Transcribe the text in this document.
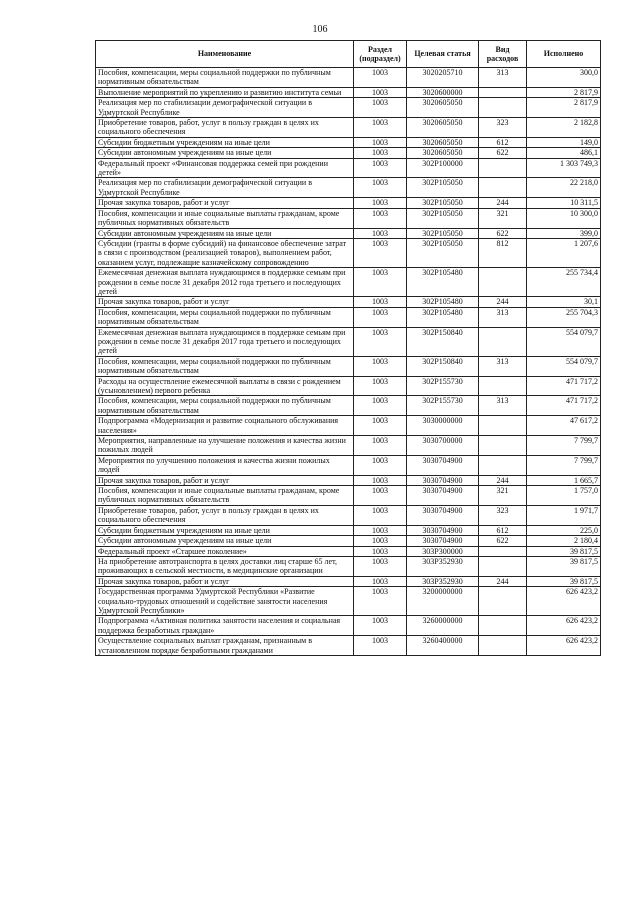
106
Наименование	Раздел (подраздел)	Целевая статья	Вид расходов	Исполнено
Пособия, компенсации, меры социальной поддержки по публичным нормативным обязательствам	1003	3020205710	313	300,0
Выполнение мероприятий по укреплению и развитию института семьи	1003	3020600000		2 817,9
Реализация мер по стабилизации демографической ситуации в Удмуртской Республике	1003	3020605050		2 817,9
Приобретение товаров, работ, услуг в пользу граждан в целях их социального обеспечения	1003	3020605050	323	2 182,8
Субсидии бюджетным учреждениям на иные цели	1003	3020605050	612	149,0
Субсидии автономным учреждениям на иные цели	1003	3020605050	622	486,1
Федеральный проект «Финансовая поддержка семей при рождении детей»	1003	302P100000		1 303 749,3
Реализация мер по стабилизации демографической ситуации в Удмуртской Республике	1003	302P105050		22 218,0
Прочая закупка товаров, работ и услуг	1003	302P105050	244	10 311,5
Пособия, компенсации и иные социальные выплаты гражданам, кроме публичных нормативных обязательств	1003	302P105050	321	10 300,0
Субсидии автономным учреждениям на иные цели	1003	302P105050	622	399,0
Субсидии (гранты в форме субсидий) на финансовое обеспечение затрат в связи с производством (реализацией товаров), выполнением работ, оказанием услуг, подлежащие казначейскому сопровождению	1003	302P105050	812	1 207,6
Ежемесячная денежная выплата нуждающимся в поддержке семьям при рождении в семье после 31 декабря 2012 года третьего и последующих детей	1003	302P105480		255 734,4
Прочая закупка товаров, работ и услуг	1003	302P105480	244	30,1
Пособия, компенсации, меры социальной поддержки по публичным нормативным обязательствам	1003	302P105480	313	255 704,3
Ежемесячная денежная выплата нуждающимся в поддержке семьям при рождении в семье после 31 декабря 2017 года третьего и последующих детей	1003	302P150840		554 079,7
Пособия, компенсации, меры социальной поддержки по публичным нормативным обязательствам	1003	302P150840	313	554 079,7
Расходы на осуществление ежемесячной выплаты в связи с рождением (усыновлением) первого ребенка	1003	302P155730		471 717,2
Пособия, компенсации, меры социальной поддержки по публичным нормативным обязательствам	1003	302P155730	313	471 717,2
Подпрограмма «Модернизация и развитие социального обслуживания населения»	1003	3030000000		47 617,2
Мероприятия, направленные на улучшение положения и качества жизни пожилых людей	1003	3030700000		7 799,7
Мероприятия по улучшению положения и качества жизни пожилых людей	1003	3030704900		7 799,7
Прочая закупка товаров, работ и услуг	1003	3030704900	244	1 665,7
Пособия, компенсации и иные социальные выплаты гражданам, кроме публичных нормативных обязательств	1003	3030704900	321	1 757,0
Приобретение товаров, работ, услуг в пользу граждан в целях их социального обеспечения	1003	3030704900	323	1 971,7
Субсидии бюджетным учреждениям на иные цели	1003	3030704900	612	225,0
Субсидии автономным учреждениям на иные цели	1003	3030704900	622	2 180,4
Федеральный проект «Старшее поколение»	1003	303P300000		39 817,5
На приобретение автотранспорта в целях доставки лиц старше 65 лет, проживающих в сельской местности, в медицинские организации	1003	303P352930		39 817,5
Прочая закупка товаров, работ и услуг	1003	303P352930	244	39 817,5
Государственная программа Удмуртской Республики «Развитие социально-трудовых отношений и содействие занятости населения Удмуртской Республики»	1003	3200000000		626 423,2
Подпрограмма «Активная политика занятости населения и социальная поддержка безработных граждан»	1003	3260000000		626 423,2
Осуществление социальных выплат гражданам, признанным в установленном порядке безработными гражданами	1003	3260400000		626 423,2
